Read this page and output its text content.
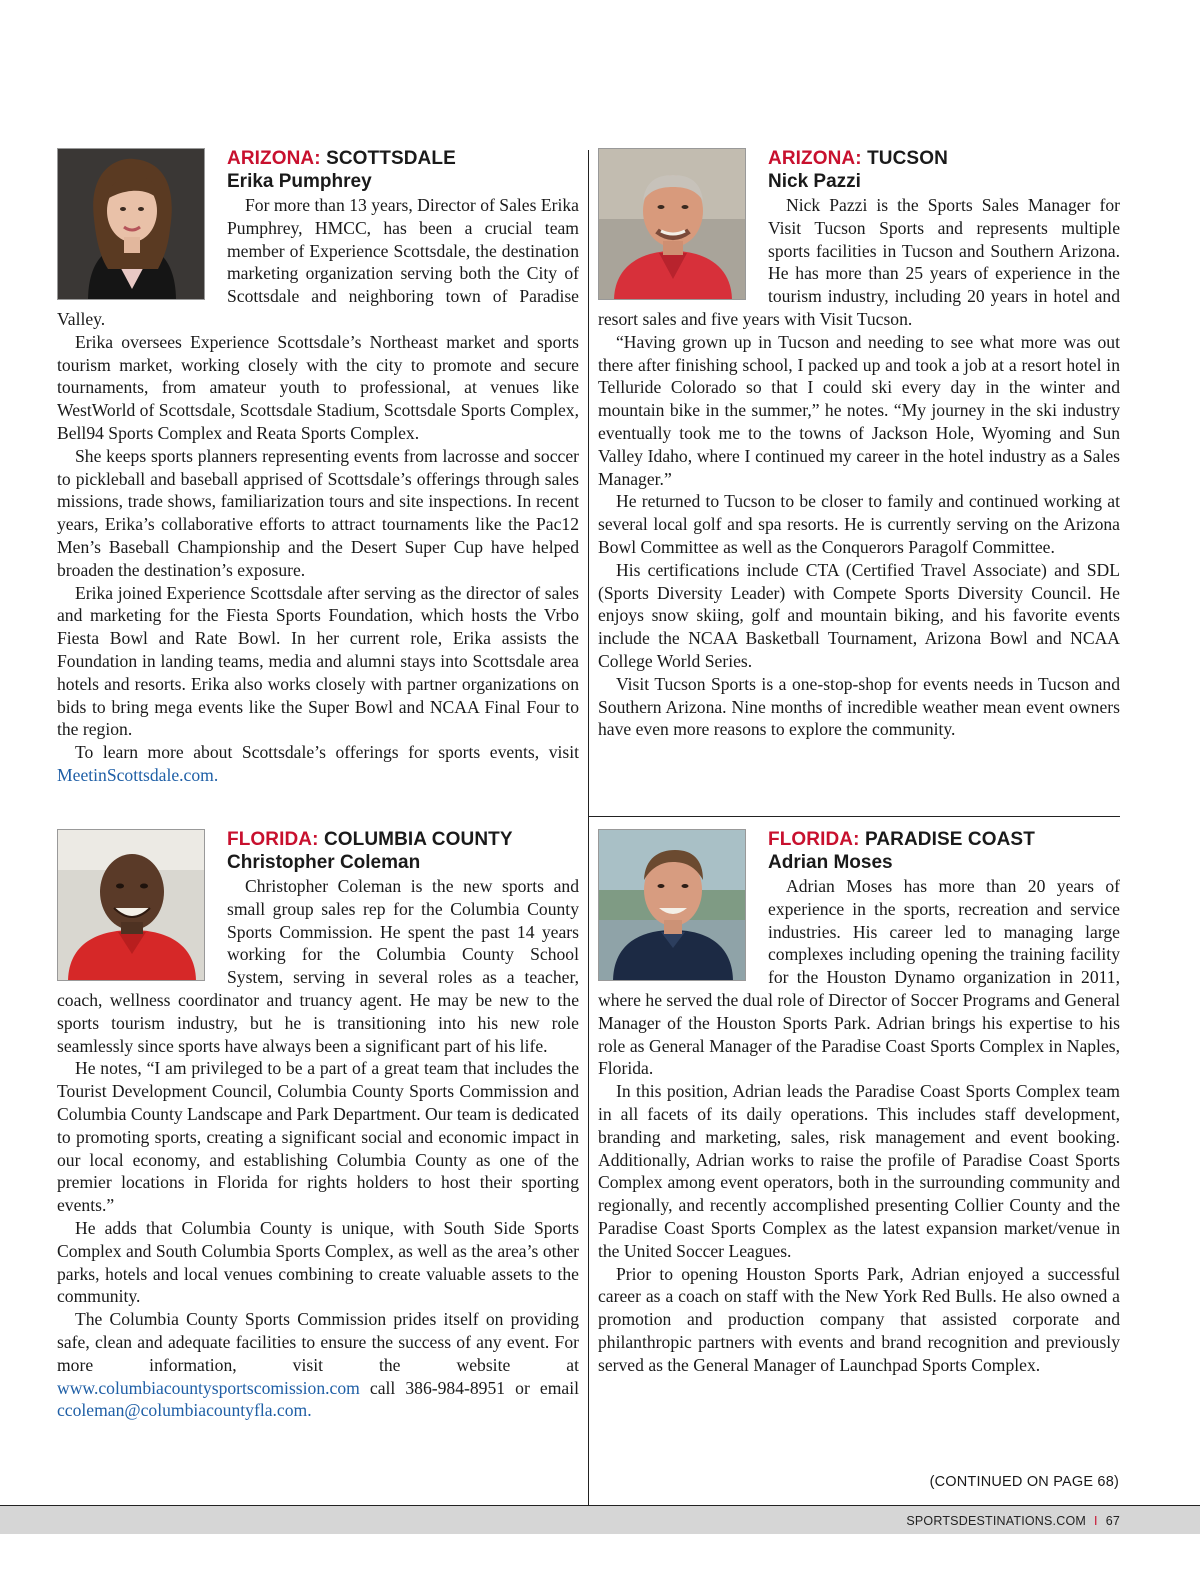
ARIZONA: SCOTTSDALE
Erika Pumphrey

For more than 13 years, Director of Sales Erika Pumphrey, HMCC, has been a crucial team member of Experience Scottsdale, the destination marketing organization serving both the City of Scottsdale and neighboring town of Paradise Valley.

Erika oversees Experience Scottsdale’s Northeast market and sports tourism market, working closely with the city to promote and secure tournaments, from amateur youth to professional, at venues like WestWorld of Scottsdale, Scottsdale Stadium, Scottsdale Sports Complex, Bell94 Sports Complex and Reata Sports Complex.

She keeps sports planners representing events from lacrosse and soccer to pickleball and baseball apprised of Scottsdale’s offerings through sales missions, trade shows, familiarization tours and site inspections. In recent years, Erika’s collaborative efforts to attract tournaments like the Pac12 Men’s Baseball Championship and the Desert Super Cup have helped broaden the destination’s exposure.

Erika joined Experience Scottsdale after serving as the director of sales and marketing for the Fiesta Sports Foundation, which hosts the Vrbo Fiesta Bowl and Rate Bowl. In her current role, Erika assists the Foundation in landing teams, media and alumni stays into Scottsdale area hotels and resorts. Erika also works closely with partner organizations on bids to bring mega events like the Super Bowl and NCAA Final Four to the region.

To learn more about Scottsdale’s offerings for sports events, visit MeetinScottsdale.com.

ARIZONA: TUCSON
Nick Pazzi

Nick Pazzi is the Sports Sales Manager for Visit Tucson Sports and represents multiple sports facilities in Tucson and Southern Arizona. He has more than 25 years of experience in the tourism industry, including 20 years in hotel and resort sales and five years with Visit Tucson.

“Having grown up in Tucson and needing to see what more was out there after finishing school, I packed up and took a job at a resort hotel in Telluride Colorado so that I could ski every day in the winter and mountain bike in the summer,” he notes. “My journey in the ski industry eventually took me to the towns of Jackson Hole, Wyoming and Sun Valley Idaho, where I continued my career in the hotel industry as a Sales Manager.”

He returned to Tucson to be closer to family and continued working at several local golf and spa resorts. He is currently serving on the Arizona Bowl Committee as well as the Conquerors Paragolf Committee.

His certifications include CTA (Certified Travel Associate) and SDL (Sports Diversity Leader) with Compete Sports Diversity Council. He enjoys snow skiing, golf and mountain biking, and his favorite events include the NCAA Basketball Tournament, Arizona Bowl and NCAA College World Series.

Visit Tucson Sports is a one-stop-shop for events needs in Tucson and Southern Arizona. Nine months of incredible weather mean event owners have even more reasons to explore the community.

FLORIDA: COLUMBIA COUNTY
Christopher Coleman

Christopher Coleman is the new sports and small group sales rep for the Columbia County Sports Commission. He spent the past 14 years working for the Columbia County School System, serving in several roles as a teacher, coach, wellness coordinator and truancy agent. He may be new to the sports tourism industry, but he is transitioning into his new role seamlessly since sports have always been a significant part of his life.

He notes, “I am privileged to be a part of a great team that includes the Tourist Development Council, Columbia County Sports Commission and Columbia County Landscape and Park Department. Our team is dedicated to promoting sports, creating a significant social and economic impact in our local economy, and establishing Columbia County as one of the premier locations in Florida for rights holders to host their sporting events.”

He adds that Columbia County is unique, with South Side Sports Complex and South Columbia Sports Complex, as well as the area’s other parks, hotels and local venues combining to create valuable assets to the community.

The Columbia County Sports Commission prides itself on providing safe, clean and adequate facilities to ensure the success of any event. For more information, visit the website at www.columbiacountysportscomission.com call 386-984-8951 or email ccoleman@columbiacountyfla.com.

FLORIDA: PARADISE COAST
Adrian Moses

Adrian Moses has more than 20 years of experience in the sports, recreation and service industries. His career led to managing large complexes including opening the training facility for the Houston Dynamo organization in 2011, where he served the dual role of Director of Soccer Programs and General Manager of the Houston Sports Park. Adrian brings his expertise to his role as General Manager of the Paradise Coast Sports Complex in Naples, Florida.

In this position, Adrian leads the Paradise Coast Sports Complex team in all facets of its daily operations. This includes staff development, branding and marketing, sales, risk management and event booking. Additionally, Adrian works to raise the profile of Paradise Coast Sports Complex among event operators, both in the surrounding community and regionally, and recently accomplished presenting Collier County and the Paradise Coast Sports Complex as the latest expansion market/venue in the United Soccer Leagues.

Prior to opening Houston Sports Park, Adrian enjoyed a successful career as a coach on staff with the New York Red Bulls. He also owned a promotion and production company that assisted corporate and philanthropic partners with events and brand recognition and previously served as the General Manager of Launchpad Sports Complex.

(CONTINUED ON PAGE 68)
SPORTSDESTINATIONS.COM I 67
